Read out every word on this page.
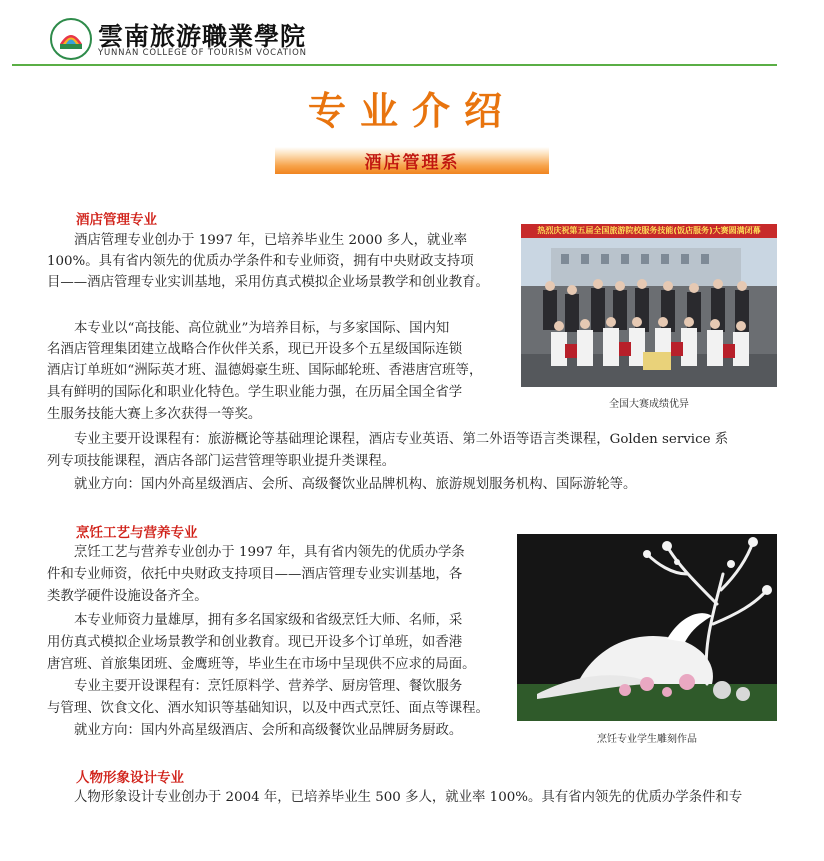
雲南旅游職業學院
YUNNAN COLLEGE OF TOURISM VOCATION
专业介绍
酒店管理系
酒店管理专业
酒店管理专业创办于 1997 年，已培养毕业生 2000 多人，就业率
100%。具有省内领先的优质办学条件和专业师资，拥有中央财政支持项
目——酒店管理专业实训基地，采用仿真式模拟企业场景教学和创业教育。
本专业以“高技能、高位就业”为培养目标，与多家国际、国内知
名酒店管理集团建立战略合作伙伴关系，现已开设多个五星级国际连锁
酒店订单班如“洲际英才班、温德姆豪生班、国际邮轮班、香港唐宫班等，
具有鲜明的国际化和职业化特色。学生职业能力强，在历届全国全省学
生服务技能大赛上多次获得一等奖。
专业主要开设课程有：旅游概论等基础理论课程，酒店专业英语、第二外语等语言类课程，Golden service 系
列专项技能课程，酒店各部门运营管理等职业提升类课程。
就业方向：国内外高星级酒店、会所、高级餐饮业品牌机构、旅游规划服务机构、国际游轮等。
热烈庆祝第五届全国旅游院校服务技能(饭店服务)大赛圆满闭幕
全国大赛成绩优异
烹饪工艺与营养专业
烹饪工艺与营养专业创办于 1997 年，具有省内领先的优质办学条
件和专业师资，依托中央财政支持项目——酒店管理专业实训基地，各
类教学硬件设施设备齐全。
本专业师资力量雄厚，拥有多名国家级和省级烹饪大师、名师，采
用仿真式模拟企业场景教学和创业教育。现已开设多个订单班，如香港
唐宫班、首旅集团班、金鹰班等，毕业生在市场中呈现供不应求的局面。
专业主要开设课程有：烹饪原料学、营养学、厨房管理、餐饮服务
与管理、饮食文化、酒水知识等基础知识，以及中西式烹饪、面点等课程。
就业方向：国内外高星级酒店、会所和高级餐饮业品牌厨务厨政。
烹饪专业学生雕刻作品
人物形象设计专业
人物形象设计专业创办于 2004 年，已培养毕业生 500 多人，就业率 100%。具有省内领先的优质办学条件和专
